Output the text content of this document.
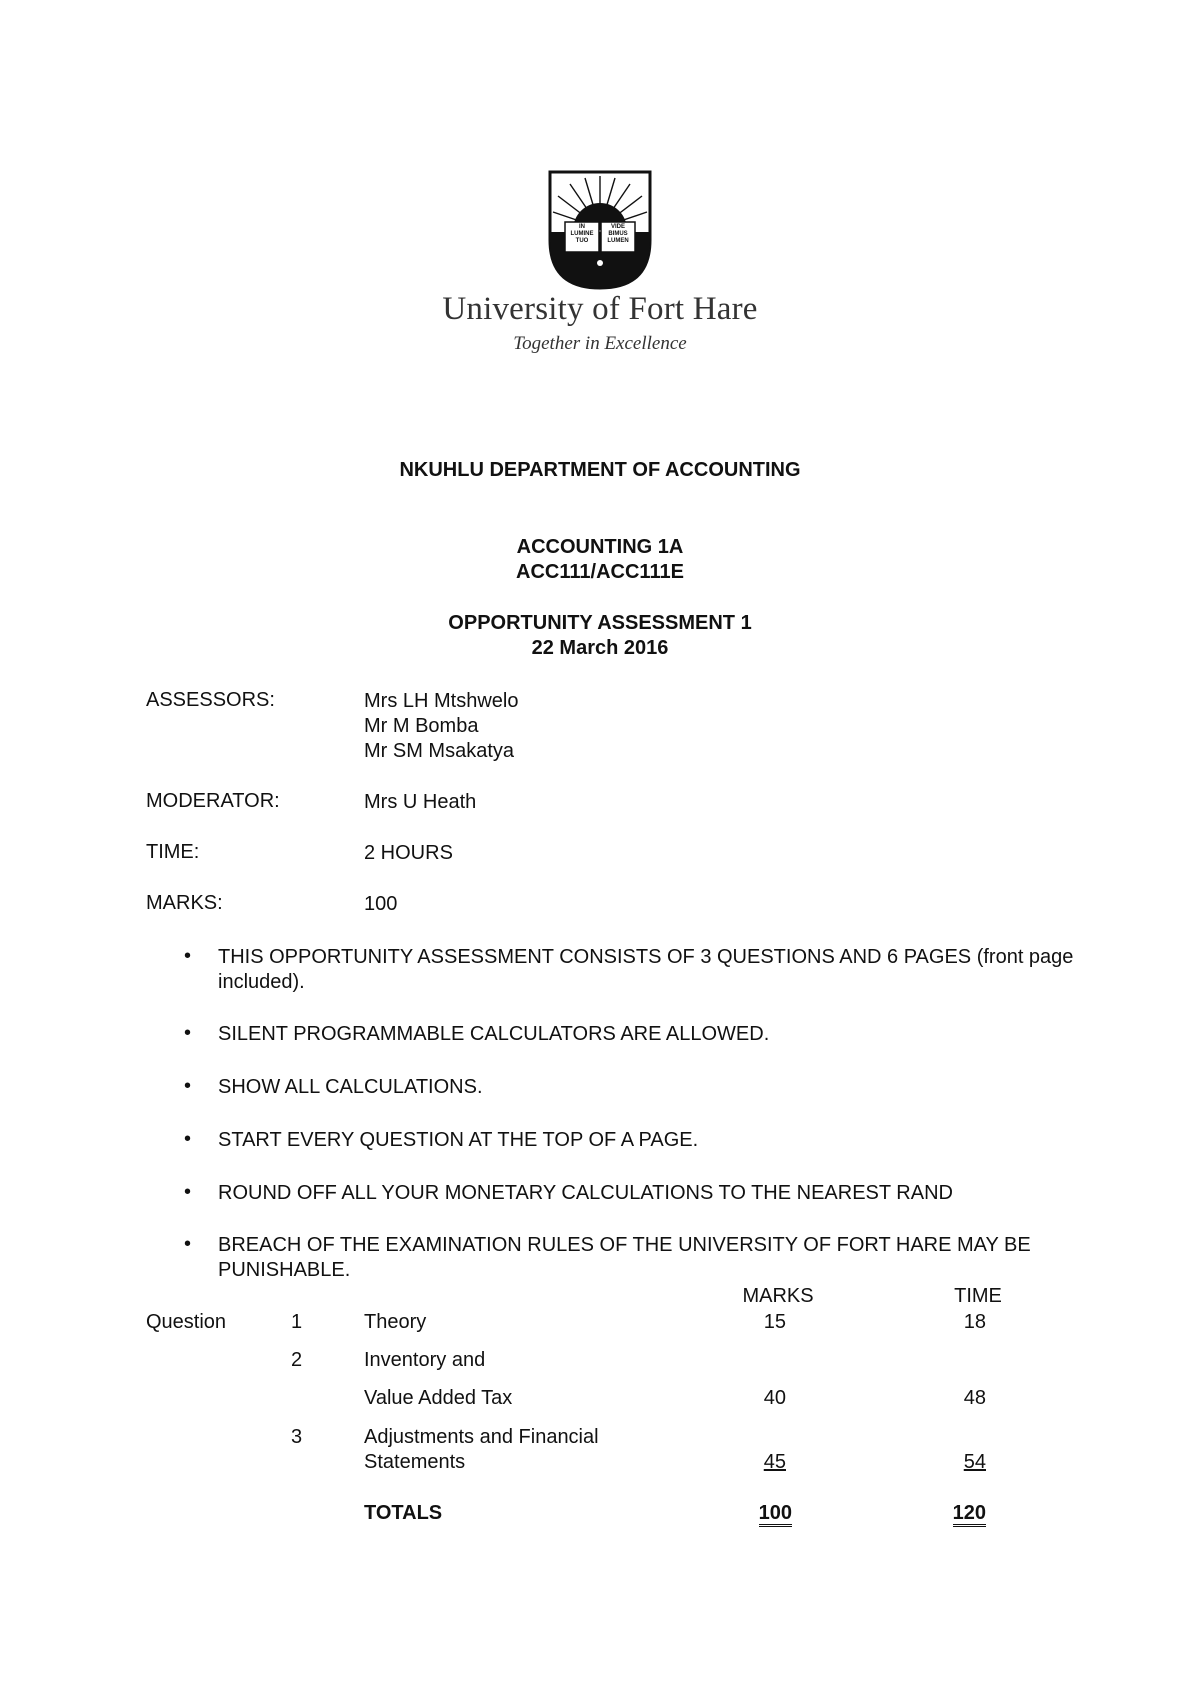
IN
LUMINE
TUO
VIDE
BIMUS
LUMEN
University of Fort Hare
Together in Excellence
NKUHLU DEPARTMENT OF ACCOUNTING
ACCOUNTING 1A
ACC111/ACC111E
OPPORTUNITY ASSESSMENT 1
22 March 2016
ASSESSORS:	Mrs LH Mtshwelo
Mr M Bomba
Mr SM Msakatya
MODERATOR:	Mrs U Heath
TIME:	2 HOURS
MARKS:	100
• THIS OPPORTUNITY ASSESSMENT CONSISTS OF 3 QUESTIONS AND 6 PAGES (front page included).
• SILENT PROGRAMMABLE CALCULATORS ARE ALLOWED.
• SHOW ALL CALCULATIONS.
• START EVERY QUESTION AT THE TOP OF A PAGE.
• ROUND OFF ALL YOUR MONETARY CALCULATIONS TO THE NEAREST RAND
• BREACH OF THE EXAMINATION RULES OF THE UNIVERSITY OF FORT HARE MAY BE PUNISHABLE.
MARKS	TIME
Question	1	Theory	15	18
2	Inventory and
Value Added Tax	40	48
3	Adjustments and Financial
Statements	45	54
TOTALS	100	120
